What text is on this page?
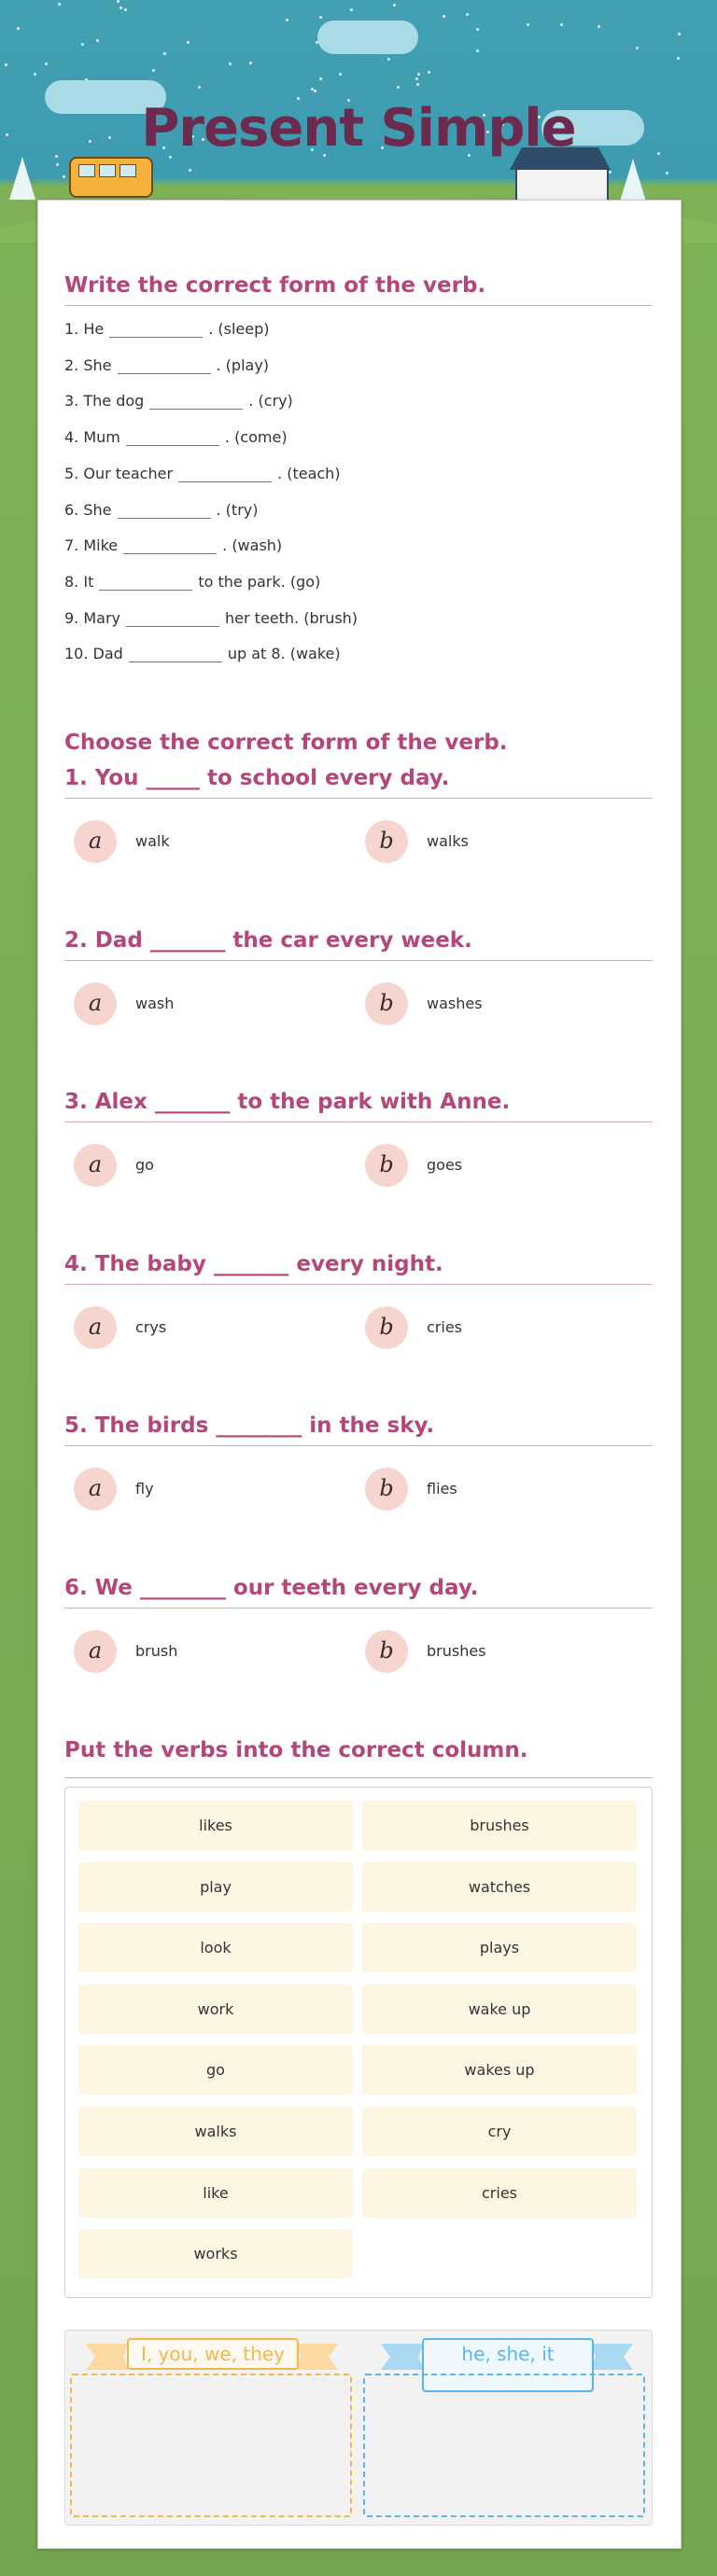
Present Simple
Write the correct form of the verb.
1. He	. (sleep)
2. She	. (play)
3. The dog	. (cry)
4. Mum	. (come)
5. Our teacher	. (teach)
6. She	. (try)
7. Mike	. (wash)
8. It	to the park. (go)
9. Mary	her teeth. (brush)
10. Dad	up at 8. (wake)
Choose the correct form of the verb.
1. You _____ to school every day.
a	walk	b	walks
2. Dad _______ the car every week.
a	wash	b	washes
3. Alex _______ to the park with Anne.
a	go	b	goes
4. The baby _______ every night.
a	crys	b	cries
5. The birds ________ in the sky.
a	fly	b	flies
6. We ________ our teeth every day.
a	brush	b	brushes
Put the verbs into the correct column.
likes	brushes
play	watches
look	plays
work	wake up
go	wakes up
walks	cry
like	cries
works
I, you, we, they	he, she, it
